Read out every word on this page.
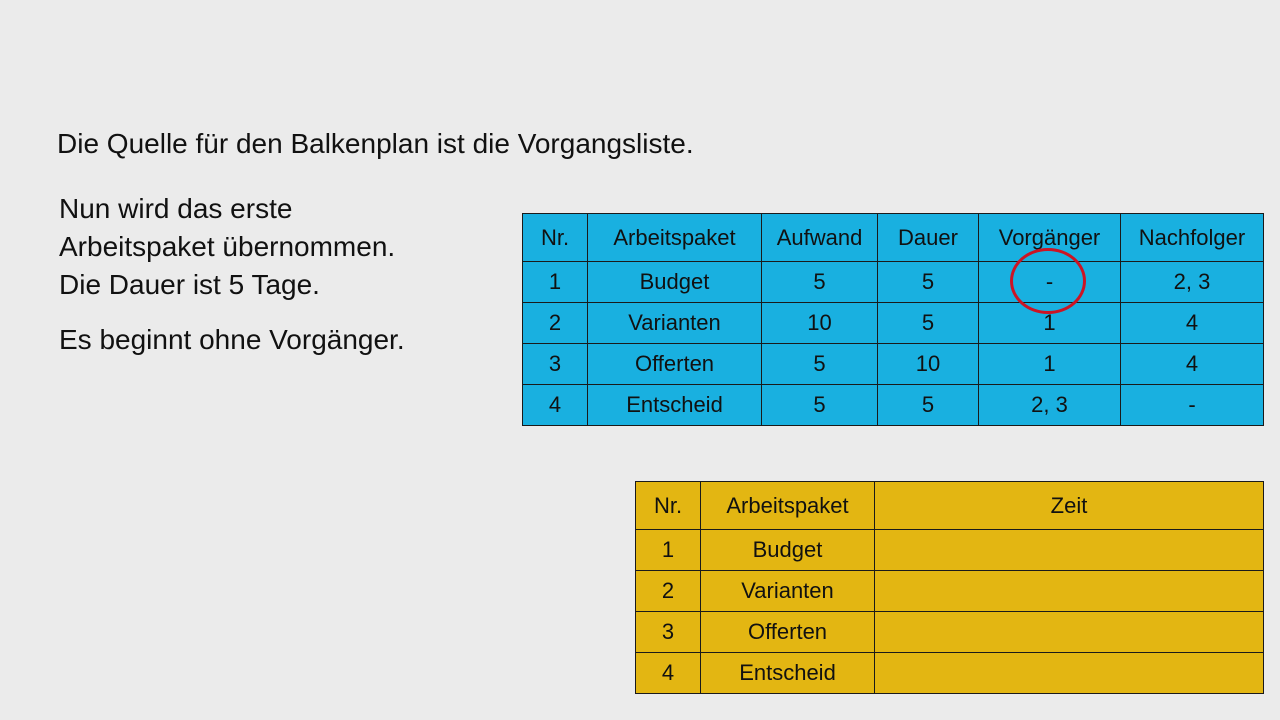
Die Quelle für den Balkenplan ist die Vorgangsliste.
Nun wird das erste
Arbeitspaket übernommen.
Die Dauer ist 5 Tage.
Es beginnt ohne Vorgänger.
Nr.	Arbeitspaket	Aufwand	Dauer	Vorgänger	Nachfolger
1	Budget	5	5	-	2, 3
2	Varianten	10	5	1	4
3	Offerten	5	10	1	4
4	Entscheid	5	5	2, 3	-
Nr.	Arbeitspaket	Zeit
1	Budget	
2	Varianten	
3	Offerten	
4	Entscheid	
